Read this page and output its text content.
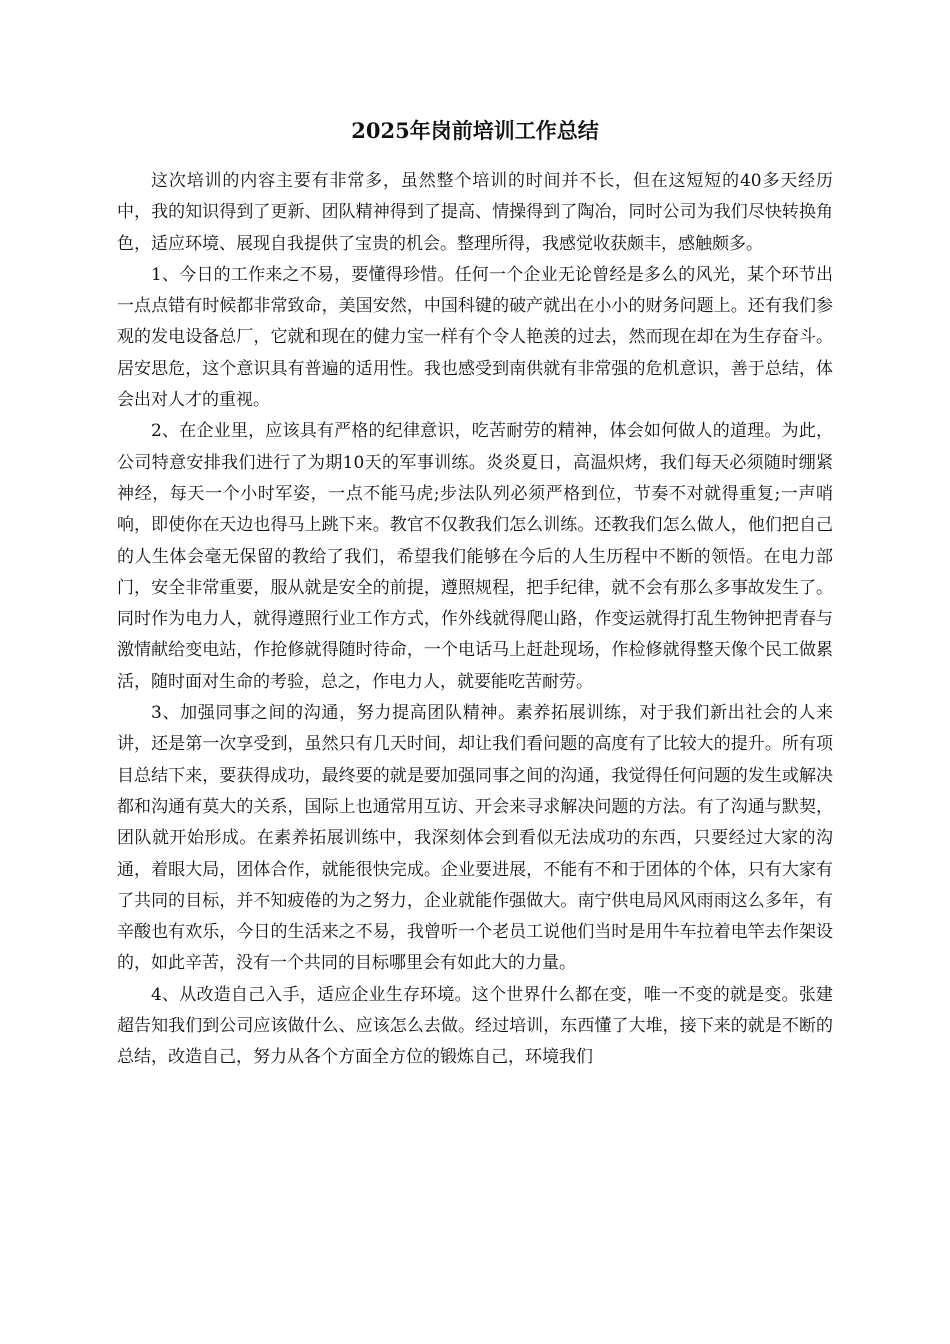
2025年岗前培训工作总结

这次培训的内容主要有非常多，虽然整个培训的时间并不长，但在这短短的40多天经历中，我的知识得到了更新、团队精神得到了提高、情操得到了陶冶，同时公司为我们尽快转换角色，适应环境、展现自我提供了宝贵的机会。整理所得，我感觉收获颇丰，感触颇多。

1、今日的工作来之不易，要懂得珍惜。任何一个企业无论曾经是多么的风光，某个环节出一点点错有时候都非常致命，美国安然，中国科键的破产就出在小小的财务问题上。还有我们参观的发电设备总厂，它就和现在的健力宝一样有个令人艳羡的过去，然而现在却在为生存奋斗。居安思危，这个意识具有普遍的适用性。我也感受到南供就有非常强的危机意识，善于总结，体会出对人才的重视。

2、在企业里，应该具有严格的纪律意识，吃苦耐劳的精神，体会如何做人的道理。为此，公司特意安排我们进行了为期10天的军事训练。炎炎夏日，高温炽烤，我们每天必须随时绷紧神经，每天一个小时军姿，一点不能马虎;步法队列必须严格到位，节奏不对就得重复;一声哨响，即使你在天边也得马上跳下来。教官不仅教我们怎么训练。还教我们怎么做人，他们把自己的人生体会毫无保留的教给了我们，希望我们能够在今后的人生历程中不断的领悟。在电力部门，安全非常重要，服从就是安全的前提，遵照规程，把手纪律，就不会有那么多事故发生了。同时作为电力人，就得遵照行业工作方式，作外线就得爬山路，作变运就得打乱生物钟把青春与激情献给变电站，作抢修就得随时待命，一个电话马上赶赴现场，作检修就得整天像个民工做累活，随时面对生命的考验，总之，作电力人，就要能吃苦耐劳。

3、加强同事之间的沟通，努力提高团队精神。素养拓展训练，对于我们新出社会的人来讲，还是第一次享受到，虽然只有几天时间，却让我们看问题的高度有了比较大的提升。所有项目总结下来，要获得成功，最终要的就是要加强同事之间的沟通，我觉得任何问题的发生或解决都和沟通有莫大的关系，国际上也通常用互访、开会来寻求解决问题的方法。有了沟通与默契，团队就开始形成。在素养拓展训练中，我深刻体会到看似无法成功的东西，只要经过大家的沟通，着眼大局，团体合作，就能很快完成。企业要进展，不能有不和于团体的个体，只有大家有了共同的目标，并不知疲倦的为之努力，企业就能作强做大。南宁供电局风风雨雨这么多年，有辛酸也有欢乐，今日的生活来之不易，我曾听一个老员工说他们当时是用牛车拉着电竿去作架设的，如此辛苦，没有一个共同的目标哪里会有如此大的力量。

4、从改造自己入手，适应企业生存环境。这个世界什么都在变，唯一不变的就是变。张建超告知我们到公司应该做什么、应该怎么去做。经过培训，东西懂了大堆，接下来的就是不断的总结，改造自己，努力从各个方面全方位的锻炼自己，环境我们
